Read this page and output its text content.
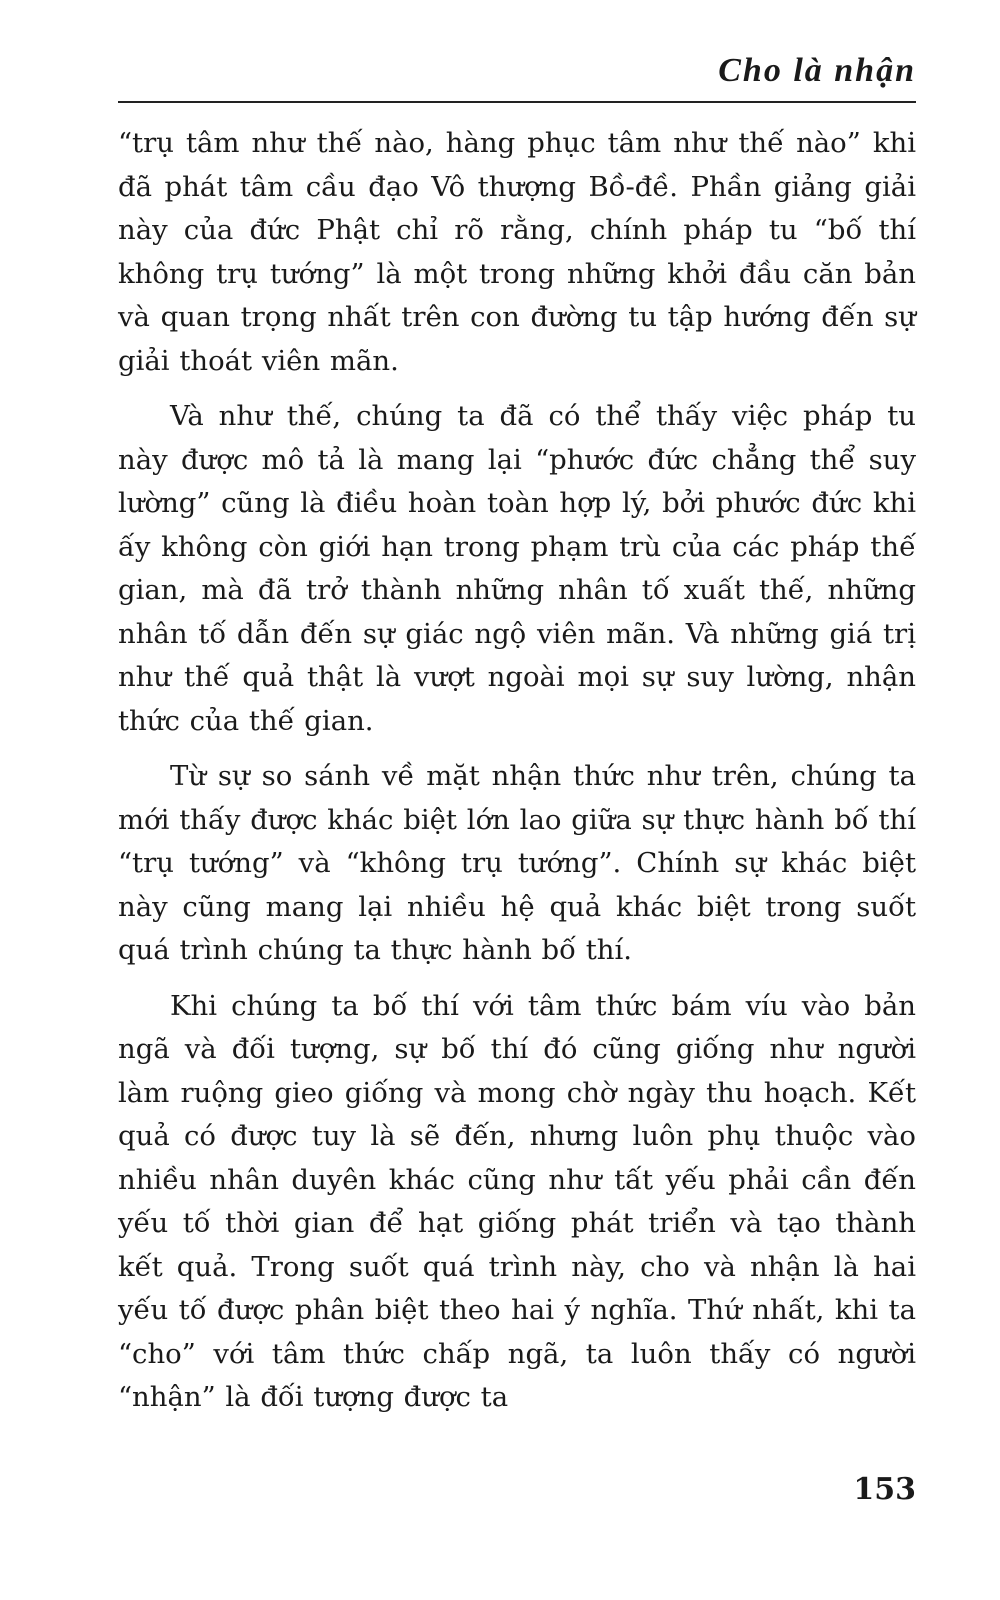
Cho là nhận

“trụ tâm như thế nào, hàng phục tâm như thế nào” khi đã phát tâm cầu đạo Vô thượng Bồ-đề. Phần giảng giải này của đức Phật chỉ rõ rằng, chính pháp tu “bố thí không trụ tướng” là một trong những khởi đầu căn bản và quan trọng nhất trên con đường tu tập hướng đến sự giải thoát viên mãn.

Và như thế, chúng ta đã có thể thấy việc pháp tu này được mô tả là mang lại “phước đức chẳng thể suy lường” cũng là điều hoàn toàn hợp lý, bởi phước đức khi ấy không còn giới hạn trong phạm trù của các pháp thế gian, mà đã trở thành những nhân tố xuất thế, những nhân tố dẫn đến sự giác ngộ viên mãn. Và những giá trị như thế quả thật là vượt ngoài mọi sự suy lường, nhận thức của thế gian.

Từ sự so sánh về mặt nhận thức như trên, chúng ta mới thấy được khác biệt lớn lao giữa sự thực hành bố thí “trụ tướng” và “không trụ tướng”. Chính sự khác biệt này cũng mang lại nhiều hệ quả khác biệt trong suốt quá trình chúng ta thực hành bố thí.

Khi chúng ta bố thí với tâm thức bám víu vào bản ngã và đối tượng, sự bố thí đó cũng giống như người làm ruộng gieo giống và mong chờ ngày thu hoạch. Kết quả có được tuy là sẽ đến, nhưng luôn phụ thuộc vào nhiều nhân duyên khác cũng như tất yếu phải cần đến yếu tố thời gian để hạt giống phát triển và tạo thành kết quả. Trong suốt quá trình này, cho và nhận là hai yếu tố được phân biệt theo hai ý nghĩa. Thứ nhất, khi ta “cho” với tâm thức chấp ngã, ta luôn thấy có người “nhận” là đối tượng được ta

153
